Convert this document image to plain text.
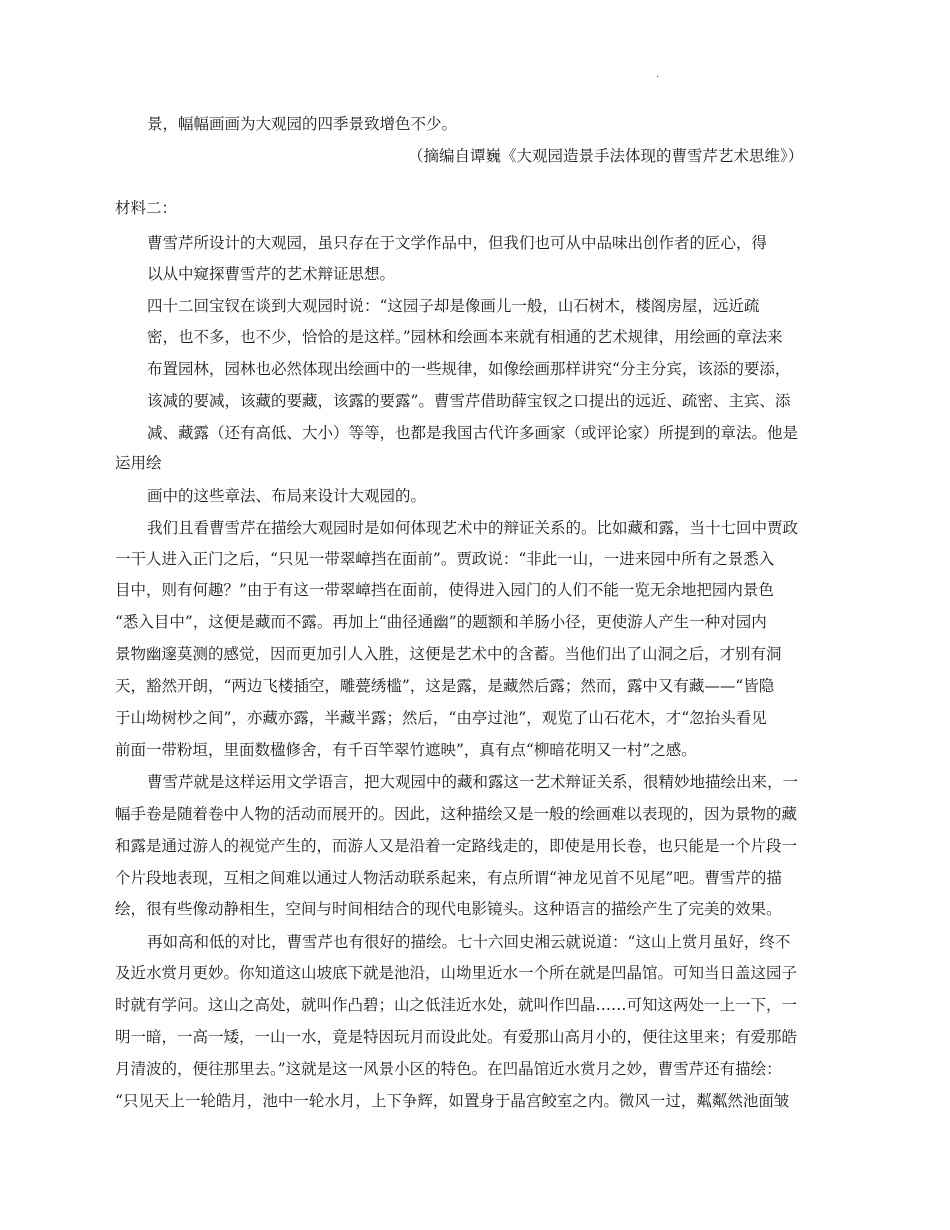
·
景，幅幅画画为大观园的四季景致增色不少。
（摘编自谭巍《大观园造景手法体现的曹雪芹艺术思维》）
材料二：
曹雪芹所设计的大观园，虽只存在于文学作品中，但我们也可从中品味出创作者的匠心，得
以从中窥探曹雪芹的艺术辩证思想。
四十二回宝钗在谈到大观园时说：“这园子却是像画儿一般，山石树木，楼阁房屋，远近疏
密，也不多，也不少，恰恰的是这样。”园林和绘画本来就有相通的艺术规律，用绘画的章法来
布置园林，园林也必然体现出绘画中的一些规律，如像绘画那样讲究“分主分宾，该添的要添，
该减的要减，该藏的要藏，该露的要露”。曹雪芹借助薛宝钗之口提出的远近、疏密、主宾、添
减、藏露（还有高低、大小）等等，也都是我国古代许多画家（或评论家）所提到的章法。他是
运用绘
画中的这些章法、布局来设计大观园的。
我们且看曹雪芹在描绘大观园时是如何体现艺术中的辩证关系的。比如藏和露，当十七回中贾政
一干人进入正门之后，“只见一带翠嶂挡在面前”。贾政说：“非此一山，一进来园中所有之景悉入
目中，则有何趣？”由于有这一带翠嶂挡在面前，使得进入园门的人们不能一览无余地把园内景色
“悉入目中”，这便是藏而不露。再加上“曲径通幽”的题额和羊肠小径，更使游人产生一种对园内
景物幽邃莫测的感觉，因而更加引人入胜，这便是艺术中的含蓄。当他们出了山洞之后，才别有洞
天，豁然开朗，“两边飞楼插空，雕甍绣槛”，这是露，是藏然后露；然而，露中又有藏——“皆隐
于山坳树杪之间”，亦藏亦露，半藏半露；然后，“由亭过池”，观览了山石花木，才“忽抬头看见
前面一带粉垣，里面数楹修舍，有千百竿翠竹遮映”，真有点“柳暗花明又一村”之感。
曹雪芹就是这样运用文学语言，把大观园中的藏和露这一艺术辩证关系，很精妙地描绘出来，一
幅手卷是随着卷中人物的活动而展开的。因此，这种描绘又是一般的绘画难以表现的，因为景物的藏
和露是通过游人的视觉产生的，而游人又是沿着一定路线走的，即使是用长卷，也只能是一个片段一
个片段地表现，互相之间难以通过人物活动联系起来，有点所谓“神龙见首不见尾”吧。曹雪芹的描
绘，很有些像动静相生，空间与时间相结合的现代电影镜头。这种语言的描绘产生了完美的效果。
再如高和低的对比，曹雪芹也有很好的描绘。七十六回史湘云就说道：“这山上赏月虽好，终不
及近水赏月更妙。你知道这山坡底下就是池沿，山坳里近水一个所在就是凹晶馆。可知当日盖这园子
时就有学问。这山之高处，就叫作凸碧；山之低洼近水处，就叫作凹晶……可知这两处一上一下，一
明一暗，一高一矮，一山一水，竟是特因玩月而设此处。有爱那山高月小的，便往这里来；有爱那皓
月清波的，便往那里去。”这就是这一风景小区的特色。在凹晶馆近水赏月之妙，曹雪芹还有描绘：
“只见天上一轮皓月，池中一轮水月，上下争辉，如置身于晶宫鲛室之内。微风一过，粼粼然池面皱
